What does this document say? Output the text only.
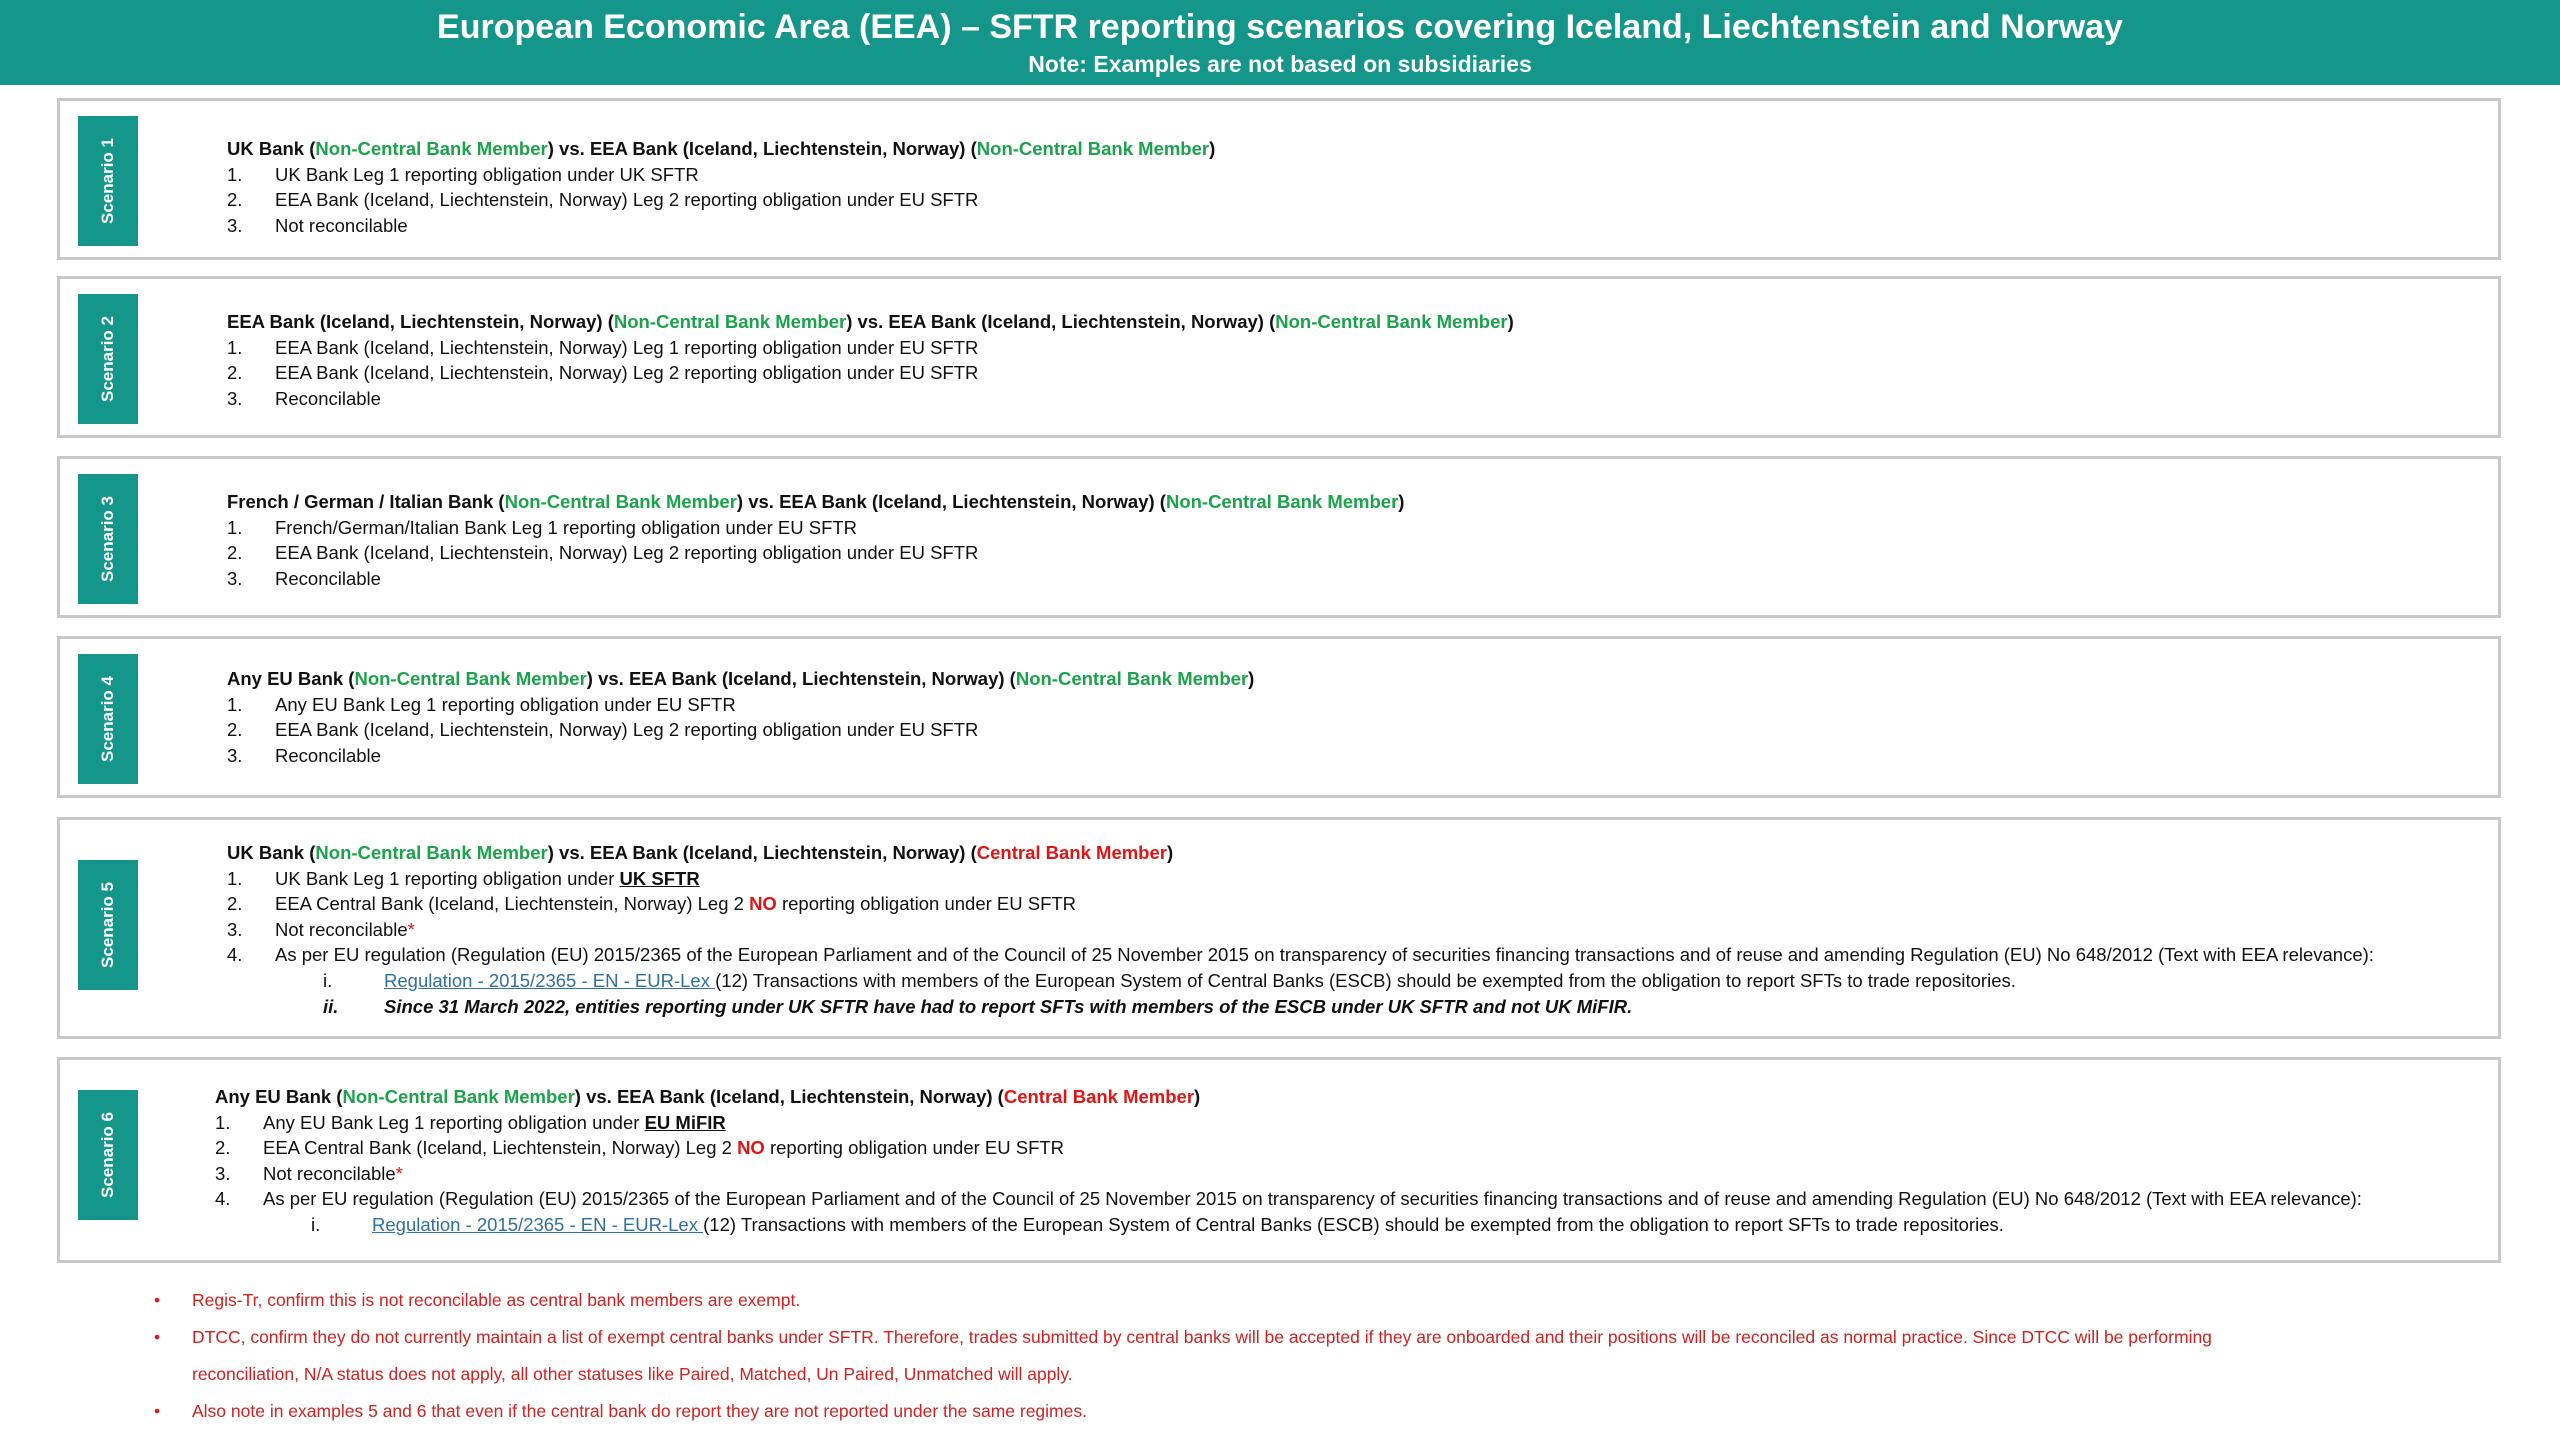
European Economic Area (EEA) – SFTR reporting scenarios covering Iceland, Liechtenstein and Norway
Note: Examples are not based on subsidiaries
Scenario 1	UK Bank (Non-Central Bank Member) vs. EEA Bank (Iceland, Liechtenstein, Norway) (Non-Central Bank Member)
1. UK Bank Leg 1 reporting obligation under UK SFTR
2. EEA Bank (Iceland, Liechtenstein, Norway) Leg 2 reporting obligation under EU SFTR
3. Not reconcilable
Scenario 2	EEA Bank (Iceland, Liechtenstein, Norway) (Non-Central Bank Member) vs. EEA Bank (Iceland, Liechtenstein, Norway) (Non-Central Bank Member)
1. EEA Bank (Iceland, Liechtenstein, Norway) Leg 1 reporting obligation under EU SFTR
2. EEA Bank (Iceland, Liechtenstein, Norway) Leg 2 reporting obligation under EU SFTR
3. Reconcilable
Scenario 3	French / German / Italian Bank (Non-Central Bank Member) vs. EEA Bank (Iceland, Liechtenstein, Norway) (Non-Central Bank Member)
1. French/German/Italian Bank Leg 1 reporting obligation under EU SFTR
2. EEA Bank (Iceland, Liechtenstein, Norway) Leg 2 reporting obligation under EU SFTR
3. Reconcilable
Scenario 4	Any EU Bank (Non-Central Bank Member) vs. EEA Bank (Iceland, Liechtenstein, Norway) (Non-Central Bank Member)
1. Any EU Bank Leg 1 reporting obligation under EU SFTR
2. EEA Bank (Iceland, Liechtenstein, Norway) Leg 2 reporting obligation under EU SFTR
3. Reconcilable
Scenario 5
UK Bank (Non-Central Bank Member) vs. EEA Bank (Iceland, Liechtenstein, Norway) (Central Bank Member)
1. UK Bank Leg 1 reporting obligation under UK SFTR
2. EEA Central Bank (Iceland, Liechtenstein, Norway) Leg 2 NO reporting obligation under EU SFTR
3. Not reconcilable*
4. As per EU regulation (Regulation (EU) 2015/2365 of the European Parliament and of the Council of 25 November 2015 on transparency of securities financing transactions and of reuse and amending Regulation (EU) No 648/2012 (Text with EEA relevance):
i.	Regulation - 2015/2365 - EN - EUR-Lex (12) Transactions with members of the European System of Central Banks (ESCB) should be exempted from the obligation to report SFTs to trade repositories.
ii. Since 31 March 2022, entities reporting under UK SFTR have had to report SFTs with members of the ESCB under UK SFTR and not UK MiFIR.
Scenario 6
Any EU Bank (Non-Central Bank Member) vs. EEA Bank (Iceland, Liechtenstein, Norway) (Central Bank Member)
1. Any EU Bank Leg 1 reporting obligation under EU MiFIR
2. EEA Central Bank (Iceland, Liechtenstein, Norway) Leg 2 NO reporting obligation under EU SFTR
3. Not reconcilable*
4. As per EU regulation (Regulation (EU) 2015/2365 of the European Parliament and of the Council of 25 November 2015 on transparency of securities financing transactions and of reuse and amending Regulation (EU) No 648/2012 (Text with EEA relevance):
i.	Regulation - 2015/2365 - EN - EUR-Lex (12) Transactions with members of the European System of Central Banks (ESCB) should be exempted from the obligation to report SFTs to trade repositories.
• Regis-Tr, confirm this is not reconcilable as central bank members are exempt.
• DTCC, confirm they do not currently maintain a list of exempt central banks under SFTR. Therefore, trades submitted by central banks will be accepted if they are onboarded and their positions will be reconciled as normal practice. Since DTCC will be performing
reconciliation, N/A status does not apply, all other statuses like Paired, Matched, Un Paired, Unmatched will apply.
• Also note in examples 5 and 6 that even if the central bank do report they are not reported under the same regimes.
